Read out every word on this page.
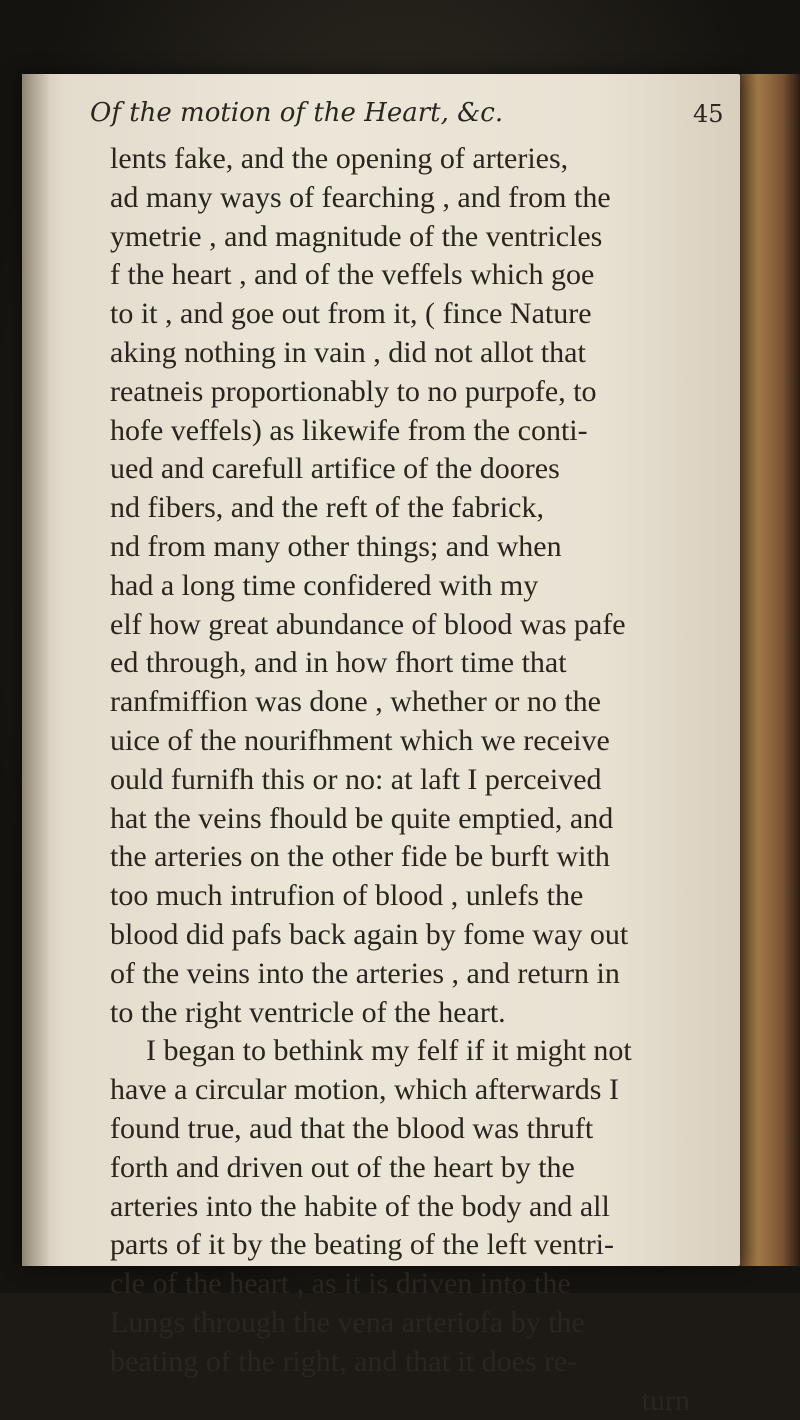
Of the motion of the Heart, &c.	45
lents fake, and the opening of arteries,
ad many ways of fearching , and from the
ymetrie , and magnitude of the ventricles
f the heart , and of the veffels which goe
to it , and goe out from it, ( fince Nature
aking nothing in vain , did not allot that
reatneis proportionably to no purpofe, to
hofe veffels) as likewife from the conti-
ued and carefull artifice of the doores
nd fibers, and the reft of the fabrick,
nd from many other things; and when
had a long time confidered with my
elf how great abundance of blood was pafe
ed through, and in how fhort time that
ranfmiffion was done , whether or no the
uice of the nourifhment which we receive
ould furnifh this or no: at laft I perceived
hat the veins fhould be quite emptied, and
the arteries on the other fide be burft with
too much intrufion of blood , unlefs the
blood did pafs back again by fome way out
of the veins into the arteries , and return in
to the right ventricle of the heart.
I began to bethink my felf if it might not
have a circular motion, which afterwards I
found true, aud that the blood was thruft
forth and driven out of the heart by the
arteries into the habite of the body and all
parts of it by the beating of the left ventri-
cle of the heart , as it is driven into the
Lungs through the vena arteriofa by the
beating of the right, and that it does re-
turn
